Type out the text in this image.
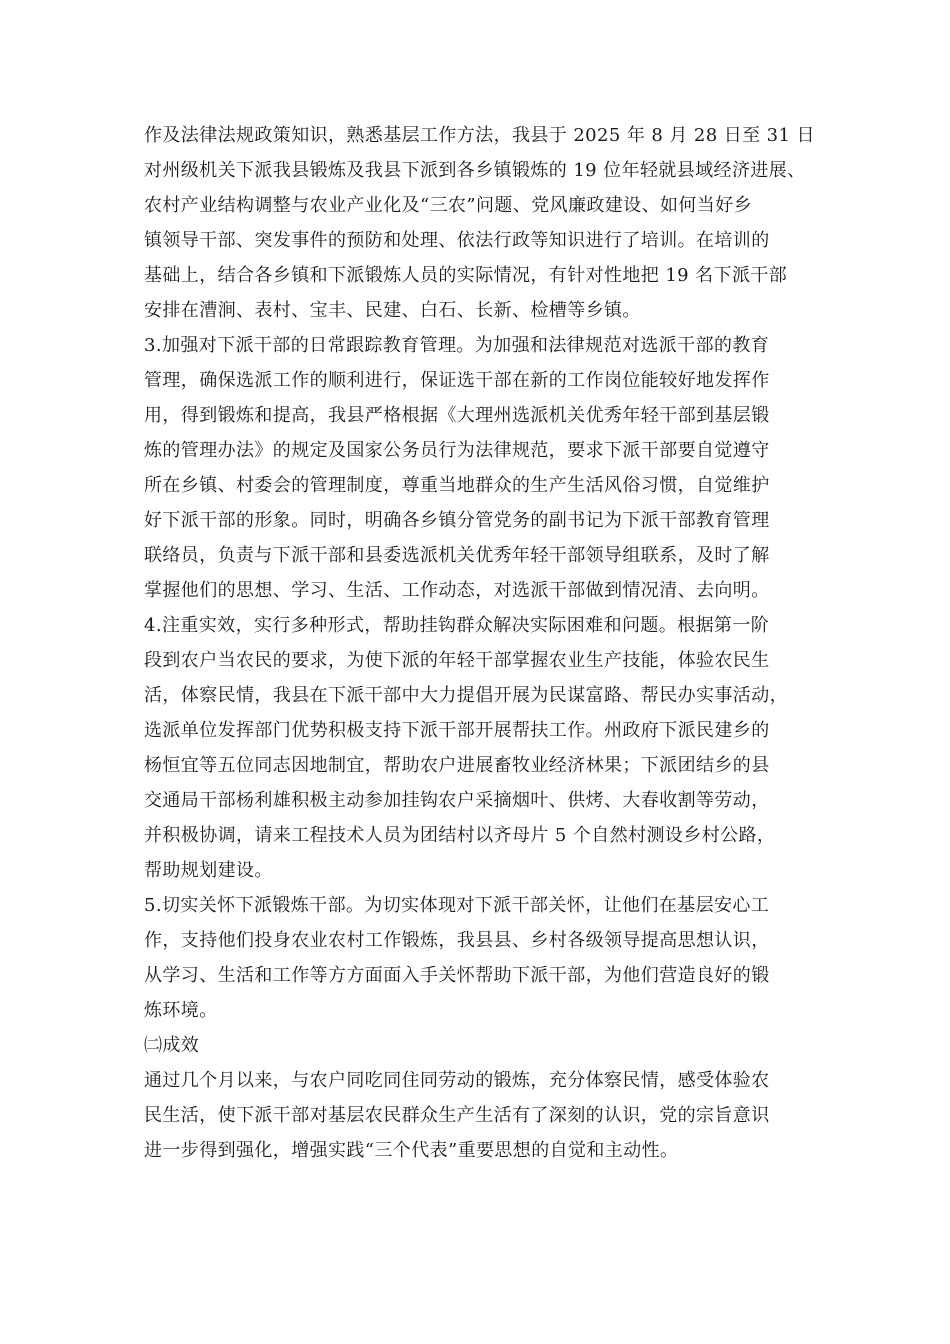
作及法律法规政策知识，熟悉基层工作方法，我县于 2025 年 8 月 28 日至 31 日
对州级机关下派我县锻炼及我县下派到各乡镇锻炼的 19 位年轻就县域经济进展、
农村产业结构调整与农业产业化及“三农”问题、党风廉政建设、如何当好乡
镇领导干部、突发事件的预防和处理、依法行政等知识进行了培训。在培训的
基础上，结合各乡镇和下派锻炼人员的实际情况，有针对性地把 19 名下派干部
安排在漕涧、表村、宝丰、民建、白石、长新、检槽等乡镇。
3.加强对下派干部的日常跟踪教育管理。为加强和法律规范对选派干部的教育
管理，确保选派工作的顺利进行，保证选干部在新的工作岗位能较好地发挥作
用，得到锻炼和提高，我县严格根据《大理州选派机关优秀年轻干部到基层锻
炼的管理办法》的规定及国家公务员行为法律规范，要求下派干部要自觉遵守
所在乡镇、村委会的管理制度，尊重当地群众的生产生活风俗习惯，自觉维护
好下派干部的形象。同时，明确各乡镇分管党务的副书记为下派干部教育管理
联络员，负责与下派干部和县委选派机关优秀年轻干部领导组联系，及时了解
掌握他们的思想、学习、生活、工作动态，对选派干部做到情况清、去向明。
4.注重实效，实行多种形式，帮助挂钩群众解决实际困难和问题。根据第一阶
段到农户当农民的要求，为使下派的年轻干部掌握农业生产技能，体验农民生
活，体察民情，我县在下派干部中大力提倡开展为民谋富路、帮民办实事活动，
选派单位发挥部门优势积极支持下派干部开展帮扶工作。州政府下派民建乡的
杨恒宜等五位同志因地制宜，帮助农户进展畜牧业经济林果；下派团结乡的县
交通局干部杨利雄积极主动参加挂钩农户采摘烟叶、供烤、大春收割等劳动，
并积极协调，请来工程技术人员为团结村以齐母片 5 个自然村测设乡村公路，
帮助规划建设。
5.切实关怀下派锻炼干部。为切实体现对下派干部关怀，让他们在基层安心工
作，支持他们投身农业农村工作锻炼，我县县、乡村各级领导提高思想认识，
从学习、生活和工作等方方面面入手关怀帮助下派干部，为他们营造良好的锻
炼环境。
㈡成效
通过几个月以来，与农户同吃同住同劳动的锻炼，充分体察民情，感受体验农
民生活，使下派干部对基层农民群众生产生活有了深刻的认识，党的宗旨意识
进一步得到强化，增强实践“三个代表”重要思想的自觉和主动性。
